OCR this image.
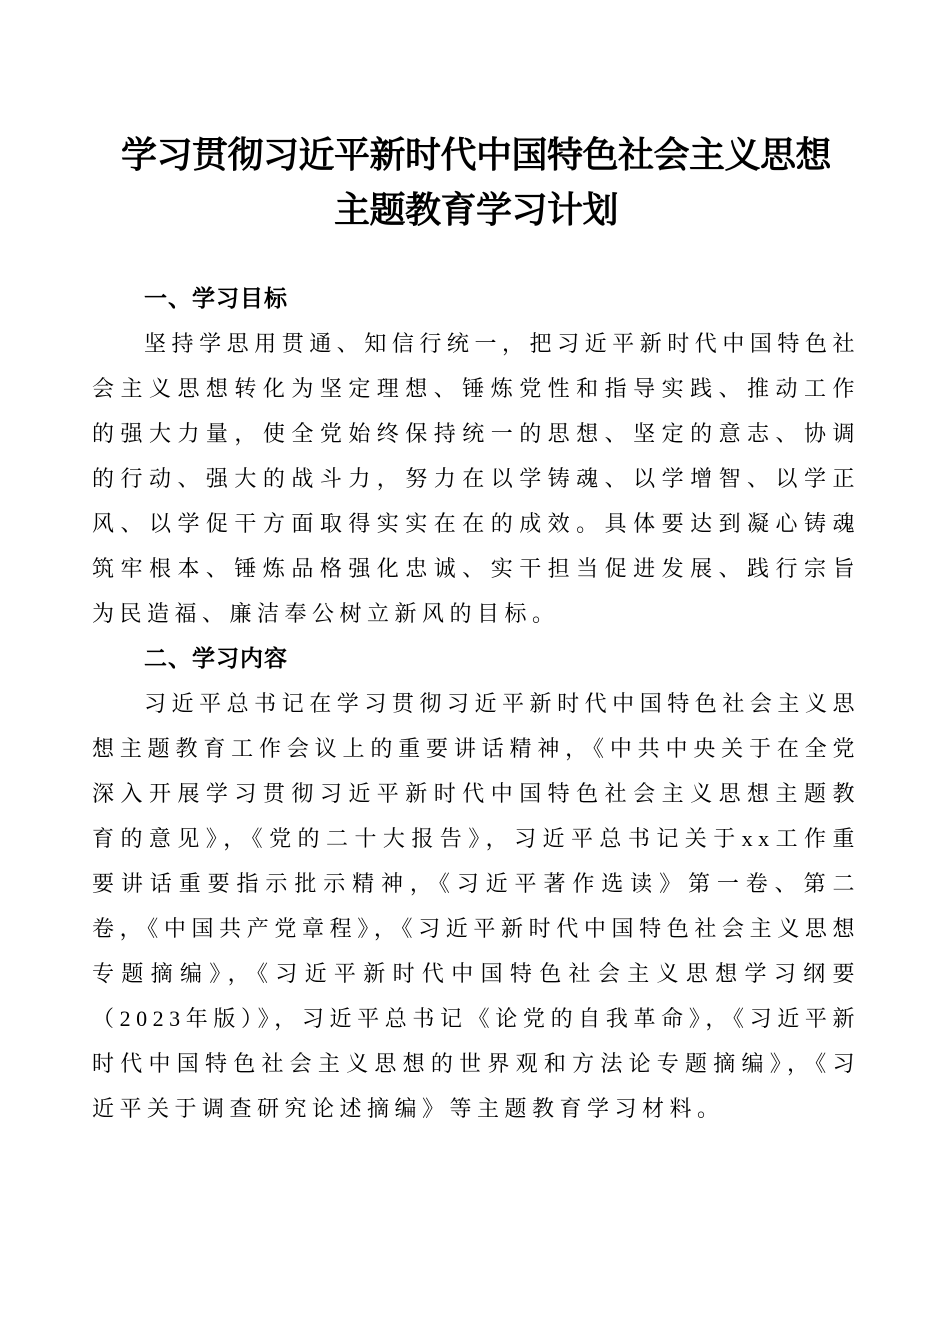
学习贯彻习近平新时代中国特色社会主义思想
主题教育学习计划
一、学习目标

坚持学思用贯通、知信行统一，把习近平新时代中国特色社会主义思想转化为坚定理想、锤炼党性和指导实践、推动工作的强大力量，使全党始终保持统一的思想、坚定的意志、协调的行动、强大的战斗力，努力在以学铸魂、以学增智、以学正风、以学促干方面取得实实在在的成效。具体要达到凝心铸魂筑牢根本、锤炼品格强化忠诚、实干担当促进发展、践行宗旨为民造福、廉洁奉公树立新风的目标。

二、学习内容

习近平总书记在学习贯彻习近平新时代中国特色社会主义思想主题教育工作会议上的重要讲话精神，《中共中央关于在全党深入开展学习贯彻习近平新时代中国特色社会主义思想主题教育的意见》，《党的二十大报告》，习近平总书记关于xx工作重要讲话重要指示批示精神，《习近平著作选读》第一卷、第二卷，《中国共产党章程》，《习近平新时代中国特色社会主义思想专题摘编》，《习近平新时代中国特色社会主义思想学习纲要（2023年版）》，习近平总书记《论党的自我革命》，《习近平新时代中国特色社会主义思想的世界观和方法论专题摘编》，《习近平关于调查研究论述摘编》等主题教育学习材料。
